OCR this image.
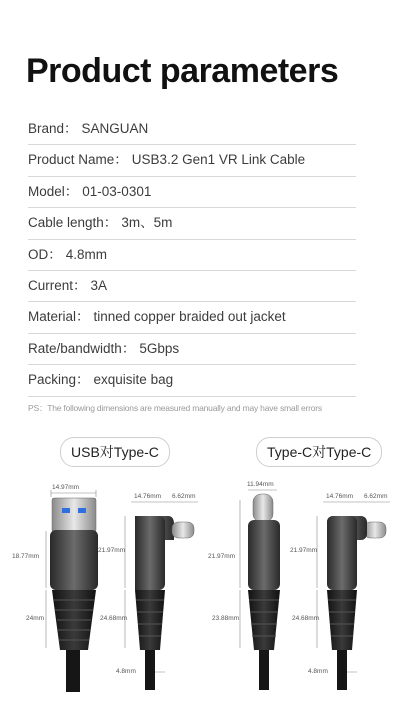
Product parameters
Brand： SANGUAN
Product Name： USB3.2 Gen1 VR Link Cable
Model： 01-03-0301
Cable length： 3m、5m
OD： 4.8mm
Current： 3A
Material： tinned copper braided out jacket
Rate/bandwidth： 5Gbps
Packing： exquisite bag
PS：The following dimensions are measured manually and may have small errors
USB对Type-C	Type-C对Type-C
14.97mm
18.77mm
24mm
14.76mm 6.62mm
21.97mm
24.68mm
4.8mm
11.94mm
21.97mm
23.88mm
14.76mm 6.62mm
21.97mm
24.68mm
4.8mm
